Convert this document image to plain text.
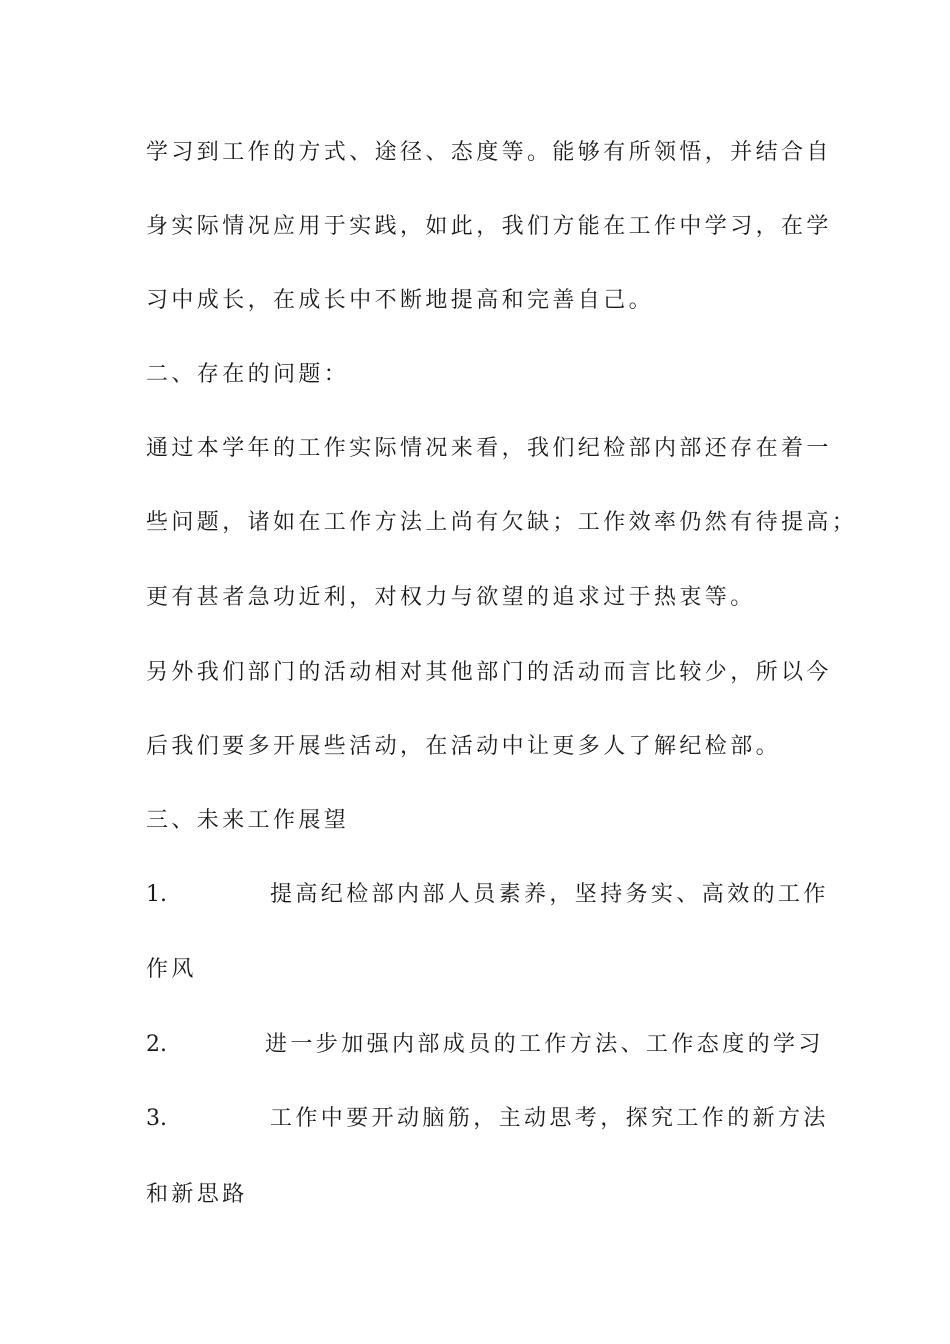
学习到工作的方式、途径、态度等。能够有所领悟，并结合自
身实际情况应用于实践，如此，我们方能在工作中学习，在学
习中成长，在成长中不断地提高和完善自己。
二、存在的问题：
通过本学年的工作实际情况来看，我们纪检部内部还存在着一
些问题，诸如在工作方法上尚有欠缺；工作效率仍然有待提高；
更有甚者急功近利，对权力与欲望的追求过于热衷等。
另外我们部门的活动相对其他部门的活动而言比较少，所以今
后我们要多开展些活动，在活动中让更多人了解纪检部。
三、未来工作展望
1.	提高纪检部内部人员素养，坚持务实、高效的工作
作风
2.	进一步加强内部成员的工作方法、工作态度的学习
3.	工作中要开动脑筋，主动思考，探究工作的新方法
和新思路
